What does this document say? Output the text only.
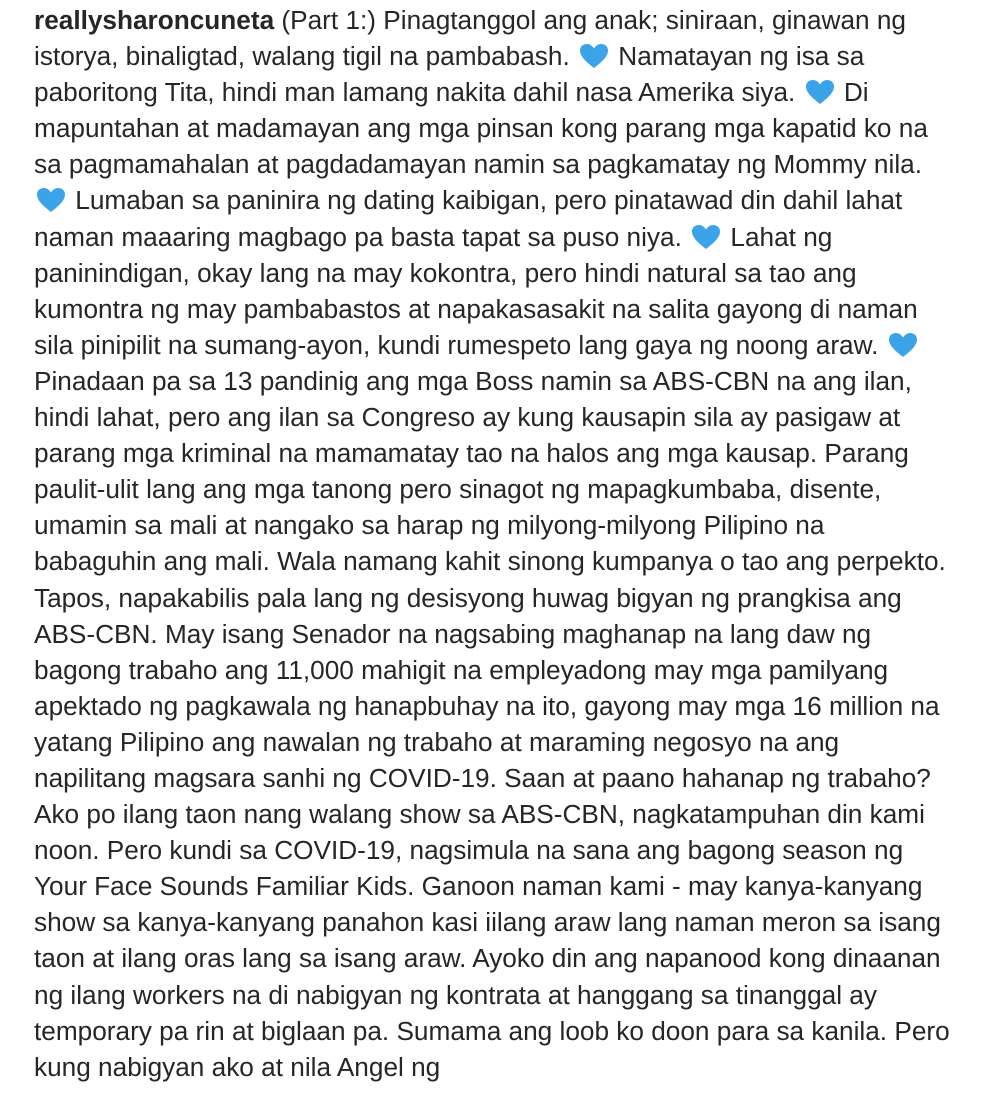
reallysharoncuneta (Part 1:) Pinagtanggol ang anak; siniraan, ginawan ng
istorya, binaligtad, walang tigil na pambabash.  Namatayan ng isa sa
paboritong Tita, hindi man lamang nakita dahil nasa Amerika siya.  Di
mapuntahan at madamayan ang mga pinsan kong parang mga kapatid ko na
sa pagmamahalan at pagdadamayan namin sa pagkamatay ng Mommy nila.
Lumaban sa paninira ng dating kaibigan, pero pinatawad din dahil lahat
naman maaaring magbago pa basta tapat sa puso niya.  Lahat ng
paninindigan, okay lang na may kokontra, pero hindi natural sa tao ang
kumontra ng may pambabastos at napakasasakit na salita gayong di naman
sila pinipilit na sumang-ayon, kundi rumespeto lang gaya ng noong araw.
Pinadaan pa sa 13 pandinig ang mga Boss namin sa ABS-CBN na ang ilan,
hindi lahat, pero ang ilan sa Congreso ay kung kausapin sila ay pasigaw at
parang mga kriminal na mamamatay tao na halos ang mga kausap. Parang
paulit-ulit lang ang mga tanong pero sinagot ng mapagkumbaba, disente,
umamin sa mali at nangako sa harap ng milyong-milyong Pilipino na
babaguhin ang mali. Wala namang kahit sinong kumpanya o tao ang perpekto.
Tapos, napakabilis pala lang ng desisyong huwag bigyan ng prangkisa ang
ABS-CBN. May isang Senador na nagsabing maghanap na lang daw ng
bagong trabaho ang 11,000 mahigit na empleyadong may mga pamilyang
apektado ng pagkawala ng hanapbuhay na ito, gayong may mga 16 million na
yatang Pilipino ang nawalan ng trabaho at maraming negosyo na ang
napilitang magsara sanhi ng COVID-19. Saan at paano hahanap ng trabaho?
Ako po ilang taon nang walang show sa ABS-CBN, nagkatampuhan din kami
noon. Pero kundi sa COVID-19, nagsimula na sana ang bagong season ng
Your Face Sounds Familiar Kids. Ganoon naman kami - may kanya-kanyang
show sa kanya-kanyang panahon kasi iilang araw lang naman meron sa isang
taon at ilang oras lang sa isang araw. Ayoko din ang napanood kong dinaanan
ng ilang workers na di nabigyan ng kontrata at hanggang sa tinanggal ay
temporary pa rin at biglaan pa. Sumama ang loob ko doon para sa kanila. Pero
kung nabigyan ako at nila Angel ng
